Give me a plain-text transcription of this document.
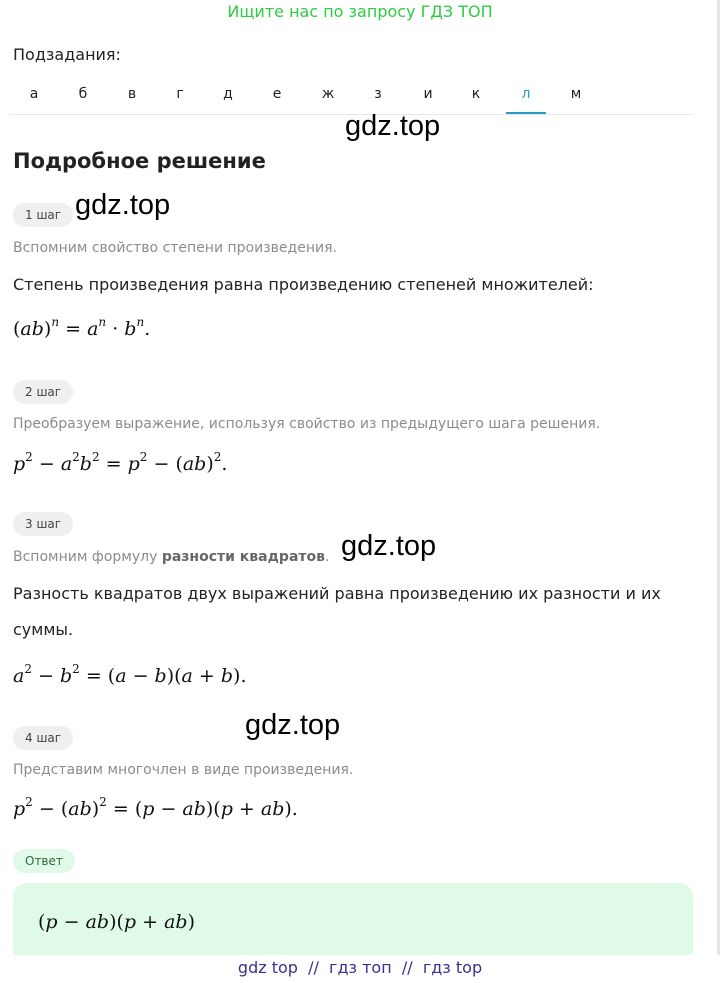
Ищите нас по запросу ГДЗ ТОП
Подзадания:
а	б	в	г	д	е	ж	з	и	к	л	м
gdz.top
Подробное решение
1 шаг gdz.top
Вспомним свойство степени произведения.
Степень произведения равна произведению степеней множителей:
$(ab)^n = a^n \cdot b^n$.
2 шаг
Преобразуем выражение, используя свойство из предыдущего шага решения.
$p^2 - a^2b^2 = p^2 - (ab)^2$.
3 шаг
gdz.top
Вспомним формулу разности квадратов.
Разность квадратов двух выражений равна произведению их разности и их
суммы.
$a^2 - b^2 = (a - b)(a + b)$.
gdz.top
4 шаг
Представим многочлен в виде произведения.
$p^2 - (ab)^2 = (p - ab)(p + ab)$.
Ответ
(p − ab)(p + ab)
gdz top // гдз топ // гдз top
